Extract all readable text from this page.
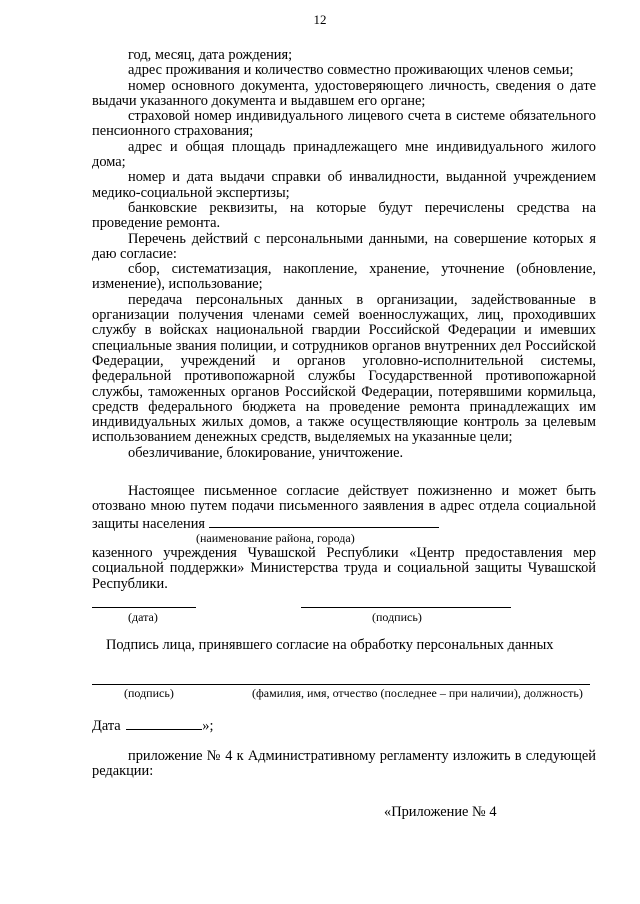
12

год, месяц, дата рождения;

адрес проживания и количество совместно проживающих членов семьи;

номер основного документа, удостоверяющего личность, сведения о дате выдачи указанного документа и выдавшем его органе;

страховой номер индивидуального лицевого счета в системе обязательного пенсионного страхования;

адрес и общая площадь принадлежащего мне индивидуального жилого дома;

номер и дата выдачи справки об инвалидности, выданной учреждением медико-социальной экспертизы;

банковские реквизиты, на которые будут перечислены средства на проведение ремонта.

Перечень действий с персональными данными, на совершение которых я даю согласие:

сбор, систематизация, накопление, хранение, уточнение (обновление, изменение), использование;

передача персональных данных в организации, задействованные в организации получения членами семей военнослужащих, лиц, проходивших службу в войсках национальной гвардии Российской Федерации и имевших специальные звания полиции, и сотрудников органов внутренних дел Российской Федерации, учреждений и органов уголовно-исполнительной системы, федеральной противопожарной службы Государственной противопожарной службы, таможенных органов Российской Федерации, потерявшими кормильца, средств федерального бюджета на проведение ремонта принадлежащих им индивидуальных жилых домов, а также осуществляющие контроль за целевым использованием денежных средств, выделяемых на указанные цели;

обезличивание, блокирование, уничтожение.

Настоящее письменное согласие действует пожизненно и может быть отозвано мною путем подачи письменного заявления в адрес отдела социальной защиты населения

(наименование района, города)

казенного учреждения Чувашской Республики «Центр предоставления мер социальной поддержки» Министерства труда и социальной защиты Чувашской Республики.

(дата)	(подпись)
Подпись лица, принявшего согласие на обработку персональных данных
(подпись)	(фамилия, имя, отчество (последнее – при наличии), должность)
Дата	»;

приложение № 4 к Административному регламенту изложить в следующей редакции:

«Приложение № 4
